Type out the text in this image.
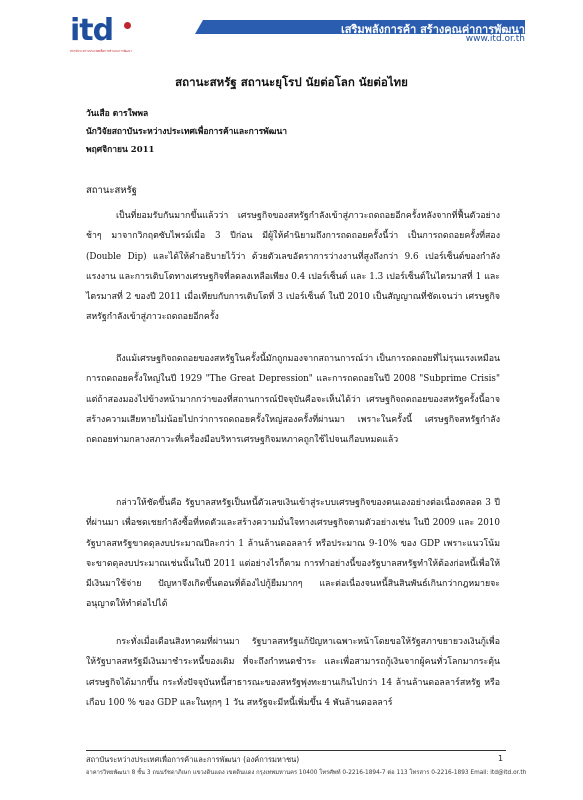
itd
สถาบันระหว่างประเทศเพื่อการค้าและการพัฒนา
เสริมพลังการค้า สร้างคุณค่าการพัฒนา
www.itd.or.th
สถานะสหรัฐ สถานะยุโรป นัยต่อโลก นัยต่อไทย
วันเสือ ดารใพพล
นักวิจัยสถาบันระหว่างประเทศเพื่อการค้าและการพัฒนา
พฤศจิกายน 2011
สถานะสหรัฐ

เป็นที่ยอมรับกันมากขึ้นแล้วว่า เศรษฐกิจของสหรัฐกำลังเข้าสู่ภาวะถดถอยอีกครั้งหลังจากที่ฟื้นตัวอย่างช้าๆ มาจากวิกฤตซับไพรม์เมื่อ 3 ปีก่อน มีผู้ให้คำนิยามถึงการถดถอยครั้งนี้ว่า เป็นการถดถอยครั้งที่สอง (Double Dip) และได้ให้คำอธิบายไว้ว่า ด้วยตัวเลขอัตราการว่างงานที่สูงถึงกว่า 9.6 เปอร์เซ็นต์ของกำลังแรงงาน และการเติบโตทางเศรษฐกิจที่ลดลงเหลือเพียง 0.4 เปอร์เซ็นต์ และ 1.3 เปอร์เซ็นต์ในไตรมาสที่ 1 และไตรมาสที่ 2 ของปี 2011 เมื่อเทียบกับการเติบโตที่ 3 เปอร์เซ็นต์ ในปี 2010 เป็นสัญญาณที่ชัดเจนว่า เศรษฐกิจสหรัฐกำลังเข้าสู่ภาวะถดถอยอีกครั้ง

ถึงแม้เศรษฐกิจถดถอยของสหรัฐในครั้งนี้มักถูกมองจากสถานการณ์ว่า เป็นการถดถอยที่ไม่รุนแรงเหมือนการถดถอยครั้งใหญ่ในปี 1929 "The Great Depression" และการถดถอยในปี 2008 "Subprime Crisis" แต่ถ้าสองมองไปข้างหน้ามากกว่าของที่สถานการณ์ปัจจุบันคือจะเห็นได้ว่า เศรษฐกิจถดถอยของสหรัฐครั้งนี้อาจสร้างความเสียหายไม่น้อยไปกว่าการถดถอยครั้งใหญ่สองครั้งที่ผ่านมา เพราะในครั้งนี้ เศรษฐกิจสหรัฐกำลังถดถอยท่ามกลางสภาวะที่เครื่องมือบริหารเศรษฐกิจมหภาคถูกใช้ไปจนเกือบหมดแล้ว

กล่าวให้ชัดขึ้นคือ รัฐบาลสหรัฐเป็นหนี้ตัวเลขเงินเข้าสู่ระบบเศรษฐกิจของตนเองอย่างต่อเนื่องตลอด 3 ปีที่ผ่านมา เพื่อชดเชยกำลังซื้อที่หดตัวและสร้างความมั่นใจทางเศรษฐกิจตามตัวอย่างเช่น ในปี 2009 และ 2010 รัฐบาลสหรัฐขาดดุลงบประมาณปีละกว่า 1 ล้านล้านดอลลาร์ หรือประมาณ 9-10% ของ GDP เพราะแนวโน้มจะขาดดุลงบประมาณเช่นนั้นในปี 2011 แต่อย่างไรก็ตาม การทำอย่างนี้ของรัฐบาลสหรัฐทำให้ต้องก่อหนี้เพื่อให้มีเงินมาใช้จ่าย ปัญหาจึงเกิดขึ้นตอนที่ต้องไปกู้ยืมมากๆ และต่อเนื่องจนหนี้สินสินพันธ์เกินกว่ากฎหมายจะอนุญาตให้ทำต่อไปได้

กระทั่งเมื่อเดือนสิงหาคมที่ผ่านมา รัฐบาลสหรัฐแก้ปัญหาเฉพาะหน้าโดยขอให้รัฐสภาขยายวงเงินกู้เพื่อให้รัฐบาลสหรัฐมีเงินมาชำระหนี้ของเดิม ที่จะถึงกำหนดชำระ และเพื่อสามารถกู้เงินจากผู้คนทั่วโลกมากระตุ้นเศรษฐกิจได้มากขึ้น กระทั่งปัจจุบันหนี้สาธารณะของสหรัฐพุ่งทะยานเกินไปกว่า 14 ล้านล้านดอลลาร์สหรัฐ หรือเกือบ 100 % ของ GDP และในทุกๆ 1 วัน สหรัฐจะมีหนี้เพิ่มขึ้น 4 พันล้านดอลลาร์

สถาบันระหว่างประเทศเพื่อการค้าและการพัฒนา (องค์การมหาชน)	1
อาคารวิทยพัฒนา 8 ชั้น 3 ถนนรัชดาภิเษก แขวงดินแดง เขตดินแดง กรุงเทพมหานคร 10400 โทรศัพท์ 0-2216-1894-7 ต่อ 113 โทรสาร 0-2216-1893 Email: itd@itd.or.th
